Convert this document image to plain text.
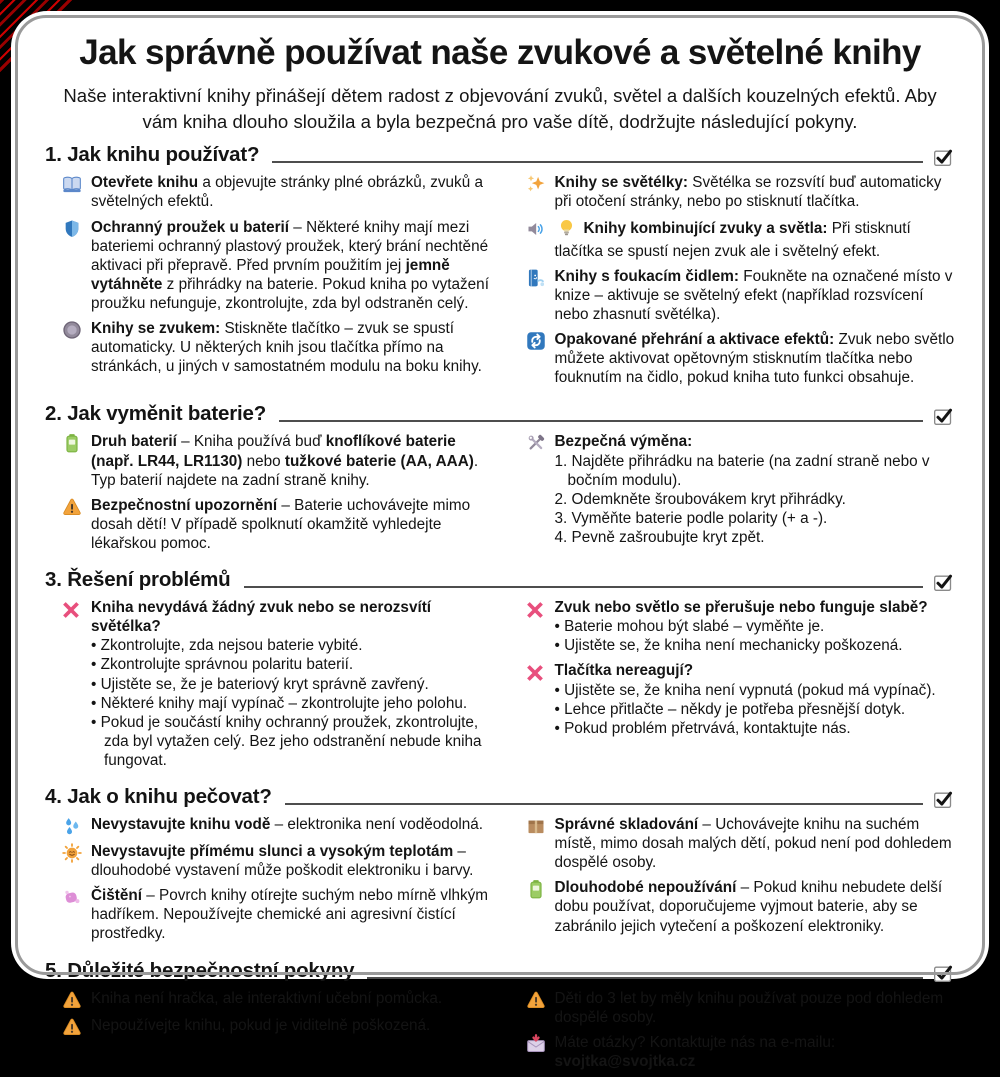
Jak správně používat naše zvukové a světelné knihy

Naše interaktivní knihy přinášejí dětem radost z objevování zvuků, světel a dalších kouzelných efektů. Aby vám kniha dlouho sloužila a byla bezpečná pro vaše dítě, dodržujte následující pokyny.

1. Jak knihu používat?
Otevřete knihu a objevujte stránky plné obrázků, zvuků a světelných efektů.
Ochranný proužek u baterií – Některé knihy mají mezi bateriemi ochranný plastový proužek, který brání nechtěné aktivaci při přepravě. Před prvním použitím jej jemně vytáhněte z přihrádky na baterie. Pokud kniha po vytažení proužku nefunguje, zkontrolujte, zda byl odstraněn celý.
Knihy se zvukem: Stiskněte tlačítko – zvuk se spustí automaticky. U některých knih jsou tlačítka přímo na stránkách, u jiných v samostatném modulu na boku knihy.
Knihy se světélky: Světélka se rozsvítí buď automaticky při otočení stránky, nebo po stisknutí tlačítka.
Knihy kombinující zvuky a světla: Při stisknutí tlačítka se spustí nejen zvuk ale i světelný efekt.
Knihy s foukacím čidlem: Foukněte na označené místo v knize – aktivuje se světelný efekt (například rozsvícení nebo zhasnutí světélka).
Opakované přehrání a aktivace efektů: Zvuk nebo světlo můžete aktivovat opětovným stisknutím tlačítka nebo fouknutím na čidlo, pokud kniha tuto funkci obsahuje.
2. Jak vyměnit baterie?
Druh baterií – Kniha používá buď knoflíkové baterie (např. LR44, LR1130) nebo tužkové baterie (AA, AAA). Typ baterií najdete na zadní straně knihy.
Bezpečnostní upozornění – Baterie uchovávejte mimo dosah dětí! V případě spolknutí okamžitě vyhledejte lékařskou pomoc.
Bezpečná výměna:
1. Najděte přihrádku na baterie (na zadní straně nebo v bočním modulu).
2. Odemkněte šroubovákem kryt přihrádky.
3. Vyměňte baterie podle polarity (+ a -).
4. Pevně zašroubujte kryt zpět.
3. Řešení problémů
Kniha nevydává žádný zvuk nebo se nerozsvítí světélka?
• Zkontrolujte, zda nejsou baterie vybité.
• Zkontrolujte správnou polaritu baterií.
• Ujistěte se, že je bateriový kryt správně zavřený.
• Některé knihy mají vypínač – zkontrolujte jeho polohu.
• Pokud je součástí knihy ochranný proužek, zkontrolujte, zda byl vytažen celý. Bez jeho odstranění nebude kniha fungovat.
Zvuk nebo světlo se přerušuje nebo funguje slabě?
• Baterie mohou být slabé – vyměňte je.
• Ujistěte se, že kniha není mechanicky poškozená.
Tlačítka nereagují?
• Ujistěte se, že kniha není vypnutá (pokud má vypínač).
• Lehce přitlačte – někdy je potřeba přesnější dotyk.
• Pokud problém přetrvává, kontaktujte nás.
4. Jak o knihu pečovat?
Nevystavujte knihu vodě – elektronika není voděodolná.
Nevystavujte přímému slunci a vysokým teplotám – dlouhodobé vystavení může poškodit elektroniku i barvy.
Čištění – Povrch knihy otírejte suchým nebo mírně vlhkým hadříkem. Nepoužívejte chemické ani agresivní čistící prostředky.
Správné skladování – Uchovávejte knihu na suchém místě, mimo dosah malých dětí, pokud není pod dohledem dospělé osoby.
Dlouhodobé nepoužívání – Pokud knihu nebudete delší dobu používat, doporučujeme vyjmout baterie, aby se zabránilo jejich vytečení a poškození elektroniky.
5. Důležité bezpečnostní pokyny
Kniha není hračka, ale interaktivní učební pomůcka.
Nepoužívejte knihu, pokud je viditelně poškozená.
Děti do 3 let by měly knihu používat pouze pod dohledem dospělé osoby.
Máte otázky? Kontaktujte nás na e-mailu: svojtka@svojtka.cz
